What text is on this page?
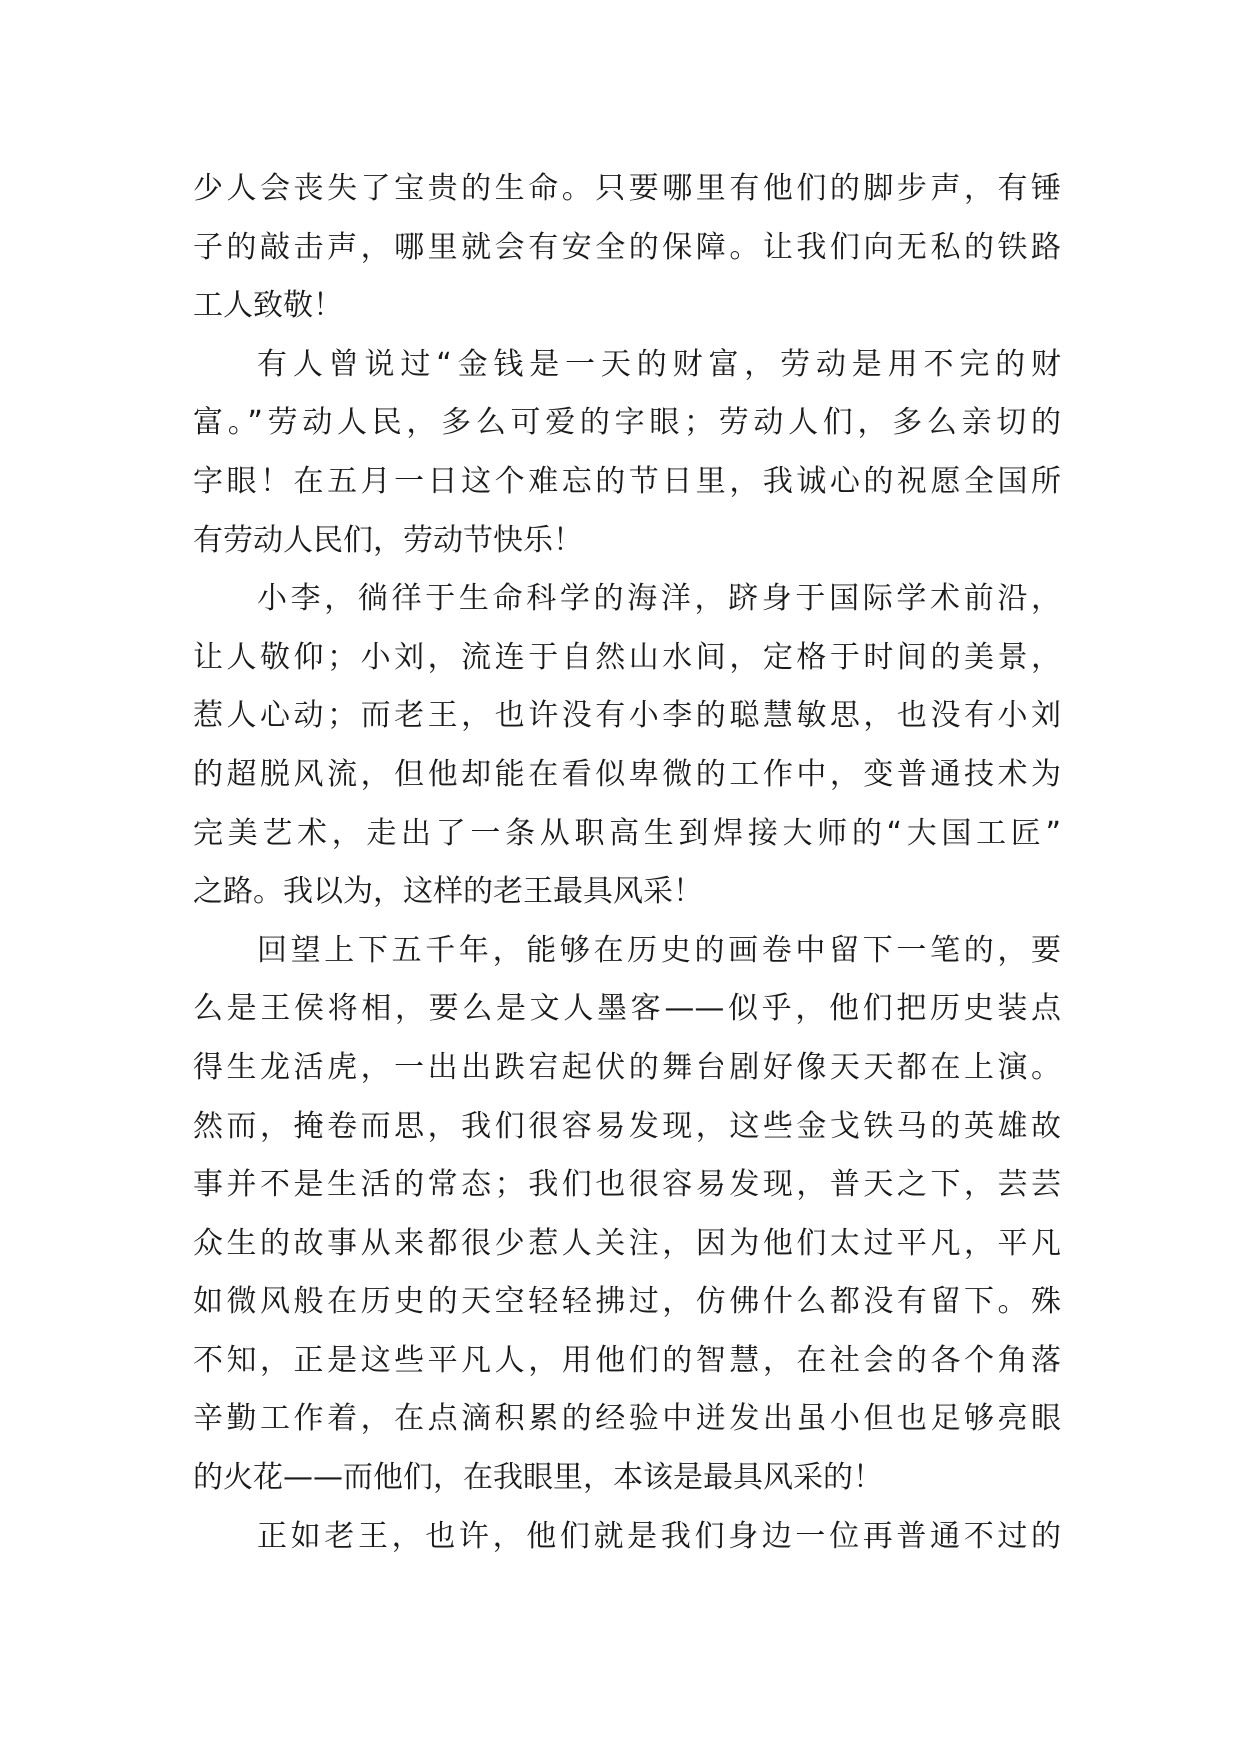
少人会丧失了宝贵的生命。只要哪里有他们的脚步声，有锤
子的敲击声，哪里就会有安全的保障。让我们向无私的铁路
工人致敬！
有人曾说过“金钱是一天的财富，劳动是用不完的财
富。”劳动人民，多么可爱的字眼；劳动人们，多么亲切的
字眼！在五月一日这个难忘的节日里，我诚心的祝愿全国所
有劳动人民们，劳动节快乐！
小李，徜徉于生命科学的海洋，跻身于国际学术前沿，
让人敬仰；小刘，流连于自然山水间，定格于时间的美景，
惹人心动；而老王，也许没有小李的聪慧敏思，也没有小刘
的超脱风流，但他却能在看似卑微的工作中，变普通技术为
完美艺术，走出了一条从职高生到焊接大师的“大国工匠”
之路。我以为，这样的老王最具风采！
回望上下五千年，能够在历史的画卷中留下一笔的，要
么是王侯将相，要么是文人墨客——似乎，他们把历史装点
得生龙活虎，一出出跌宕起伏的舞台剧好像天天都在上演。
然而，掩卷而思，我们很容易发现，这些金戈铁马的英雄故
事并不是生活的常态；我们也很容易发现，普天之下，芸芸
众生的故事从来都很少惹人关注，因为他们太过平凡，平凡
如微风般在历史的天空轻轻拂过，仿佛什么都没有留下。殊
不知，正是这些平凡人，用他们的智慧，在社会的各个角落
辛勤工作着，在点滴积累的经验中迸发出虽小但也足够亮眼
的火花——而他们，在我眼里，本该是最具风采的！
正如老王，也许，他们就是我们身边一位再普通不过的
